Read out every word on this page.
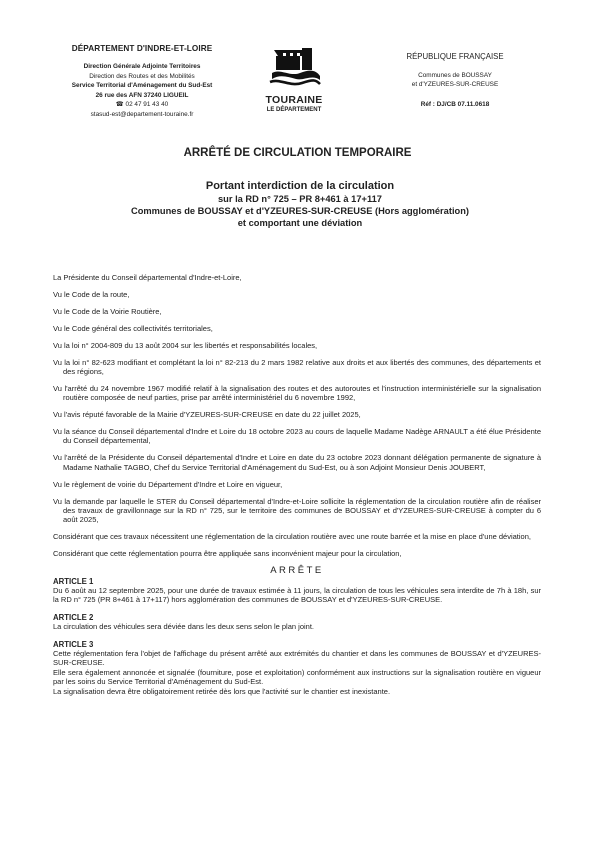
DÉPARTEMENT D'INDRE-ET-LOIRE
Direction Générale Adjointe Territoires
Direction des Routes et des Mobilités
Service Territorial d'Aménagement du Sud-Est
26 rue des AFN 37240 LIGUEIL
☎ 02 47 91 43 40
stasud-est@departement-touraine.fr
TOURAINE
LE DÉPARTEMENT
RÉPUBLIQUE FRANÇAISE
Communes de BOUSSAY
et d'YZEURES-SUR-CREUSE
Réf : DJ/CB 07.11.0618
ARRÊTÉ DE CIRCULATION TEMPORAIRE
Portant interdiction de la circulation
sur la RD n° 725 – PR 8+461 à 17+117
Communes de BOUSSAY et d'YZEURES-SUR-CREUSE (Hors agglomération)
et comportant une déviation

La Présidente du Conseil départemental d'Indre-et-Loire,

Vu le Code de la route,

Vu le Code de la Voirie Routière,

Vu le Code général des collectivités territoriales,

Vu la loi n° 2004-809 du 13 août 2004 sur les libertés et responsabilités locales,

Vu la loi n° 82-623 modifiant et complétant la loi n° 82-213 du 2 mars 1982 relative aux droits et aux libertés des communes, des départements et des régions,

Vu l'arrêté du 24 novembre 1967 modifié relatif à la signalisation des routes et des autoroutes et l'instruction interministérielle sur la signalisation routière composée de neuf parties, prise par arrêté interministériel du 6 novembre 1992,

Vu l'avis réputé favorable de la Mairie d'YZEURES-SUR-CREUSE en date du 22 juillet 2025,

Vu la séance du Conseil départemental d'Indre et Loire du 18 octobre 2023 au cours de laquelle Madame Nadège ARNAULT a été élue Présidente du Conseil départemental,

Vu l'arrêté de la Présidente du Conseil départemental d'Indre et Loire en date du 23 octobre 2023 donnant délégation permanente de signature à Madame Nathalie TAGBO, Chef du Service Territorial d'Aménagement du Sud-Est, ou à son Adjoint Monsieur Denis JOUBERT,

Vu le règlement de voirie du Département d'Indre et Loire en vigueur,

Vu la demande par laquelle le STER du Conseil départemental d'Indre-et-Loire sollicite la réglementation de la circulation routière afin de réaliser des travaux de gravillonnage sur la RD n° 725, sur le territoire des communes de BOUSSAY et d'YZEURES-SUR-CREUSE à compter du 6 août 2025,

Considérant que ces travaux nécessitent une réglementation de la circulation routière avec une route barrée et la mise en place d'une déviation,

Considérant que cette réglementation pourra être appliquée sans inconvénient majeur pour la circulation,

ARRÊTE

ARTICLE 1

Du 6 août au 12 septembre 2025, pour une durée de travaux estimée à 11 jours, la circulation de tous les véhicules sera interdite de 7h à 18h, sur la RD n° 725 (PR 8+461 à 17+117) hors agglomération des communes de BOUSSAY et d'YZEURES-SUR-CREUSE.

ARTICLE 2

La circulation des véhicules sera déviée dans les deux sens selon le plan joint.

ARTICLE 3

Cette réglementation fera l'objet de l'affichage du présent arrêté aux extrémités du chantier et dans les communes de BOUSSAY et d'YZEURES-SUR-CREUSE.

Elle sera également annoncée et signalée (fourniture, pose et exploitation) conformément aux instructions sur la signalisation routière en vigueur par les soins du Service Territorial d'Aménagement du Sud-Est.

La signalisation devra être obligatoirement retirée dès lors que l'activité sur le chantier est inexistante.
